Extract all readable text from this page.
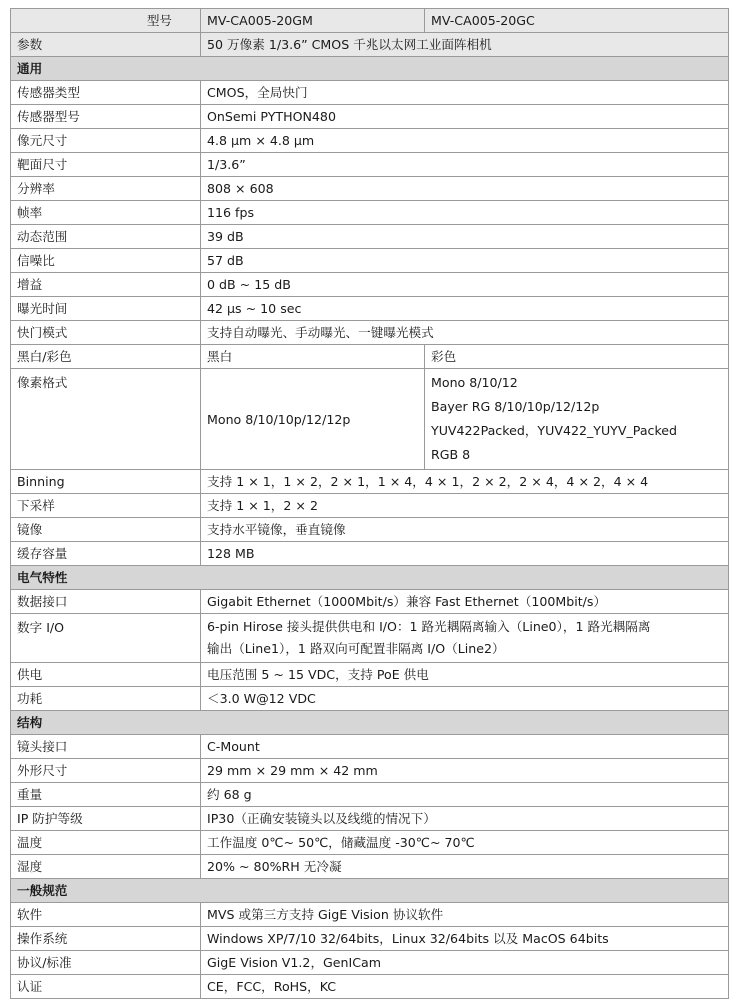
型号	MV-CA005-20GM	MV-CA005-20GC
参数	50 万像素 1/3.6” CMOS 千兆以太网工业面阵相机	
通用		
传感器类型	CMOS，全局快门	
传感器型号	OnSemi PYTHON480	
像元尺寸	4.8 µm × 4.8 µm	
靶面尺寸	1/3.6”	
分辨率	808 × 608	
帧率	116 fps	
动态范围	39 dB	
信噪比	57 dB	
增益	0 dB ~ 15 dB	
曝光时间	42 µs ~ 10 sec	
快门模式	支持自动曝光、手动曝光、一键曝光模式	
黑白/彩色	黑白	彩色
像素格式	Mono 8/10/10p/12/12p	Mono 8/10/12
Bayer RG 8/10/10p/12/12p
YUV422Packed，YUV422_YUYV_Packed
RGB 8

Binning	支持 1 × 1，1 × 2，2 × 1，1 × 4，4 × 1，2 × 2，2 × 4，4 × 2，4 × 4	
下采样	支持 1 × 1，2 × 2	
镜像	支持水平镜像，垂直镜像	
缓存容量	128 MB	
电气特性		
数据接口	Gigabit Ethernet（1000Mbit/s）兼容 Fast Ethernet（100Mbit/s）	
数字 I/O	6-pin Hirose 接头提供供电和 I/O：1 路光耦隔离输入（Line0），1 路光耦隔离
输出（Line1），1 路双向可配置非隔离 I/O（Line2）	

供电	电压范围 5 ~ 15 VDC，支持 PoE 供电	
功耗	＜3.0 W@12 VDC	
结构		
镜头接口	C-Mount	
外形尺寸	29 mm × 29 mm × 42 mm	
重量	约 68 g	
IP 防护等级	IP30（正确安装镜头以及线缆的情况下）	
温度	工作温度 0℃~ 50℃，储藏温度 -30℃~ 70℃	
湿度	20% ~ 80%RH 无冷凝	
一般规范		
软件	MVS 或第三方支持 GigE Vision 协议软件	
操作系统	Windows XP/7/10 32/64bits，Linux 32/64bits 以及 MacOS 64bits	
协议/标准	GigE Vision V1.2，GenICam	
认证	CE，FCC，RoHS，KC	
